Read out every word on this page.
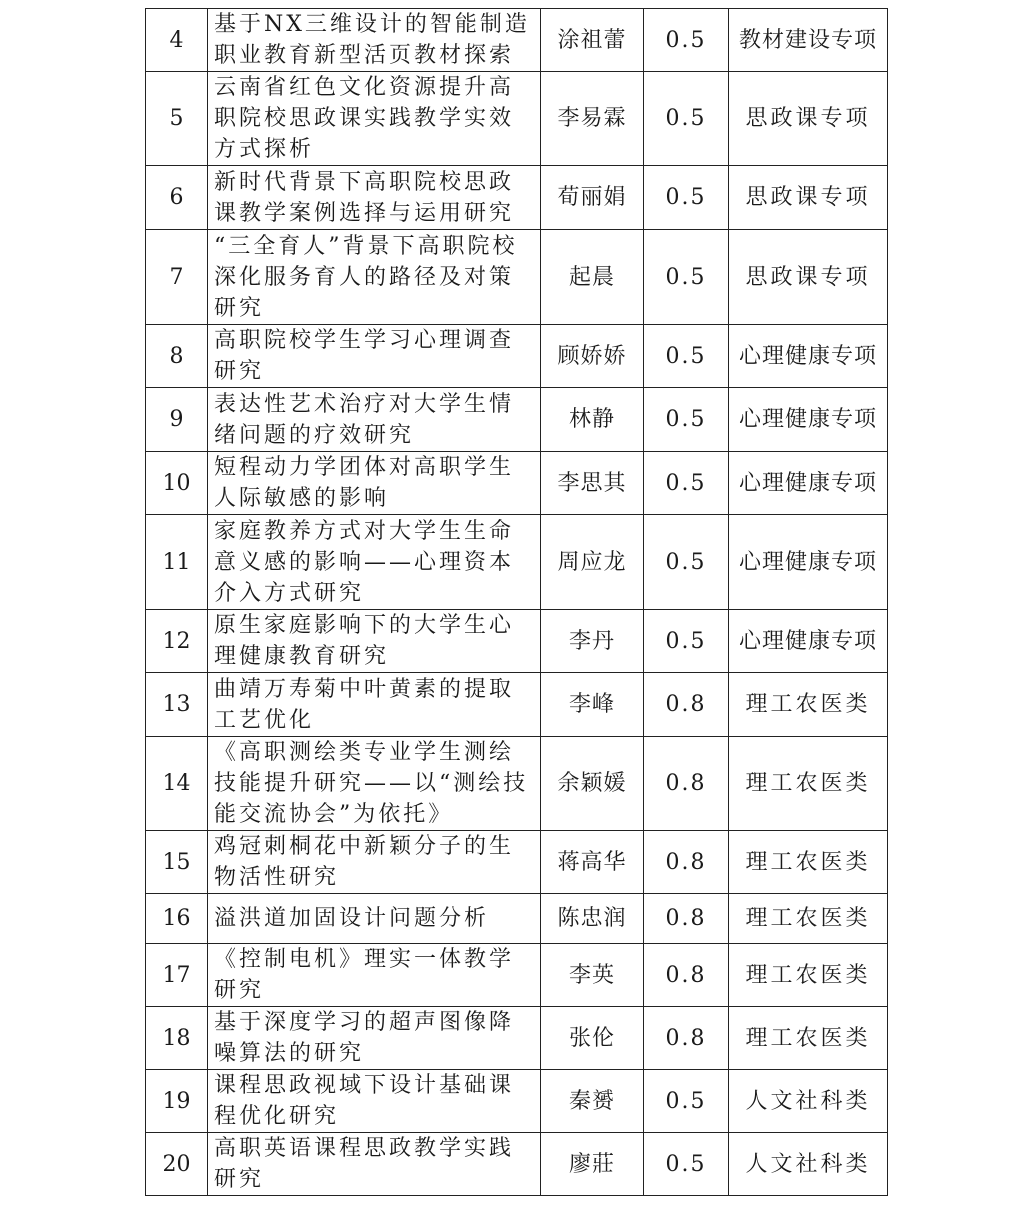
4	基于NX三维设计的智能制造职业教育新型活页教材探索	涂祖蕾	0.5	教材建设专项
5	云南省红色文化资源提升高职院校思政课实践教学实效方式探析	李易霖	0.5	思政课专项
6	新时代背景下高职院校思政课教学案例选择与运用研究	荀丽娟	0.5	思政课专项
7	“三全育人”背景下高职院校深化服务育人的路径及对策研究	起晨	0.5	思政课专项
8	高职院校学生学习心理调查研究	顾娇娇	0.5	心理健康专项
9	表达性艺术治疗对大学生情绪问题的疗效研究	林静	0.5	心理健康专项
10	短程动力学团体对高职学生人际敏感的影响	李思其	0.5	心理健康专项
11	家庭教养方式对大学生生命意义感的影响——心理资本介入方式研究	周应龙	0.5	心理健康专项
12	原生家庭影响下的大学生心理健康教育研究	李丹	0.5	心理健康专项
13	曲靖万寿菊中叶黄素的提取工艺优化	李峰	0.8	理工农医类
14	《高职测绘类专业学生测绘技能提升研究——以“测绘技能交流协会”为依托》	余颖媛	0.8	理工农医类
15	鸡冠刺桐花中新颖分子的生物活性研究	蒋高华	0.8	理工农医类
16	溢洪道加固设计问题分析	陈忠润	0.8	理工农医类
17	《控制电机》理实一体教学研究	李英	0.8	理工农医类
18	基于深度学习的超声图像降噪算法的研究	张伦	0.8	理工农医类
19	课程思政视域下设计基础课程优化研究	秦赟	0.5	人文社科类
20	高职英语课程思政教学实践研究	廖莊	0.5	人文社科类
